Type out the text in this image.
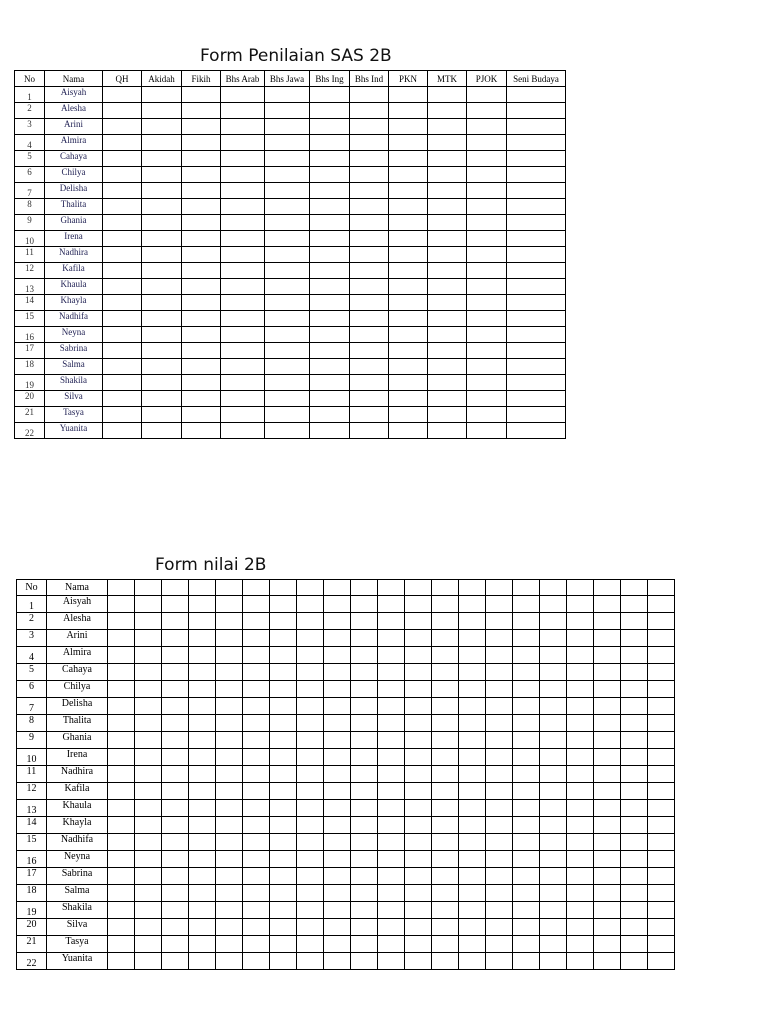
Form Penilaian SAS 2B
No	Nama	QH	Akidah	Fikih	Bhs Arab	Bhs Jawa	Bhs Ing	Bhs Ind	PKN	MTK	PJOK	Seni Budaya
1	Aisyah											
2	Alesha											
3	Arini											
4	Almira											
5	Cahaya											
6	Chilya											
7	Delisha											
8	Thalita											
9	Ghania											
10	Irena											
11	Nadhira											
12	Kafila											
13	Khaula											
14	Khayla											
15	Nadhifa											
16	Neyna											
17	Sabrina											
18	Salma											
19	Shakila											
20	Silva											
21	Tasya											
22	Yuanita											
Form nilai 2B
No	Nama																					
1	Aisyah																					
2	Alesha																					
3	Arini																					
4	Almira																					
5	Cahaya																					
6	Chilya																					
7	Delisha																					
8	Thalita																					
9	Ghania																					
10	Irena																					
11	Nadhira																					
12	Kafila																					
13	Khaula																					
14	Khayla																					
15	Nadhifa																					
16	Neyna																					
17	Sabrina																					
18	Salma																					
19	Shakila																					
20	Silva																					
21	Tasya																					
22	Yuanita																					
